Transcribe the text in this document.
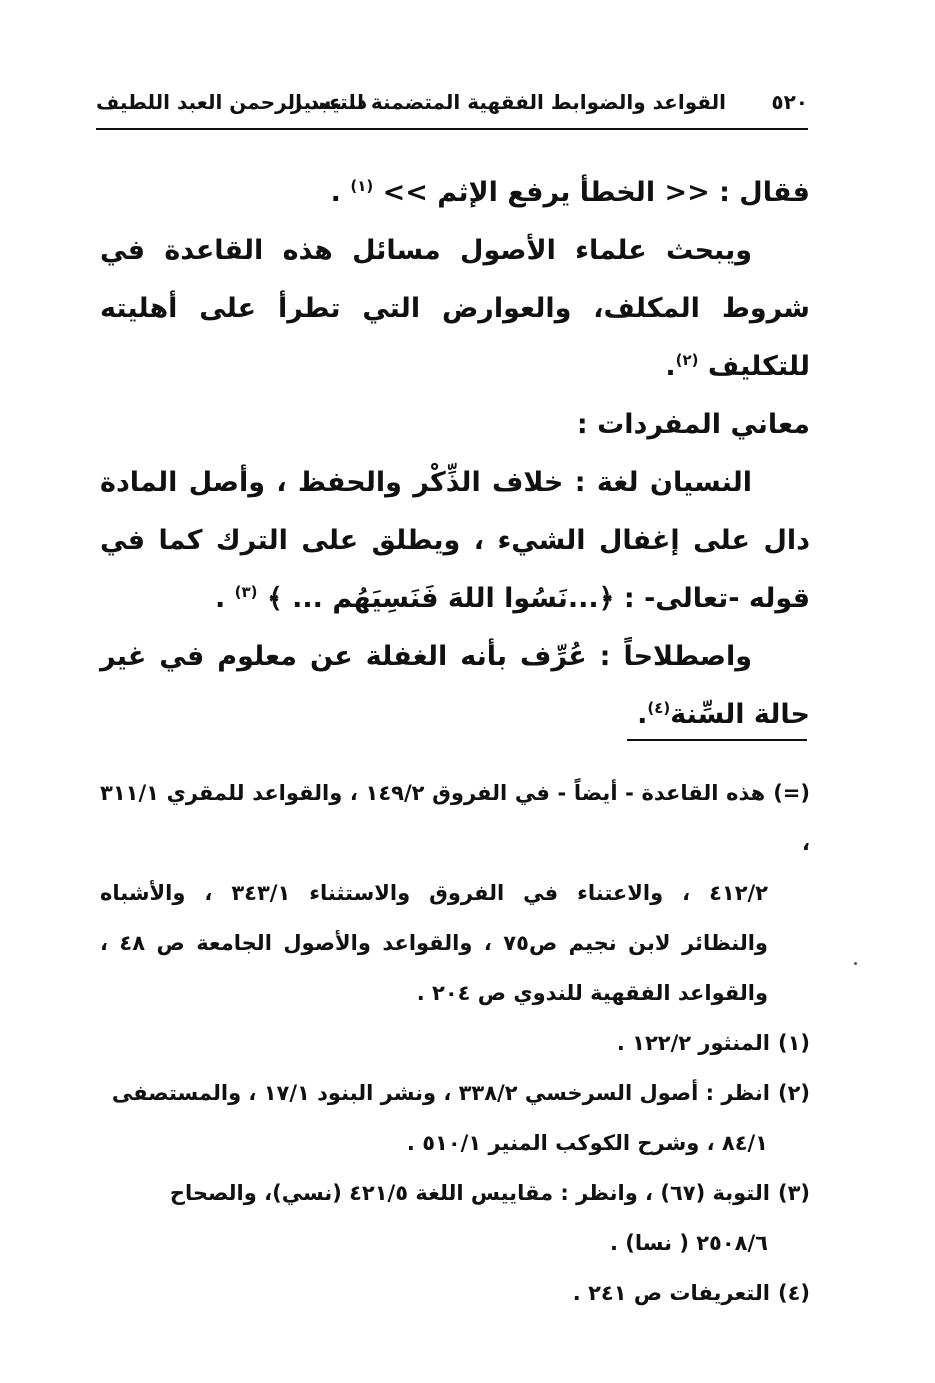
٥٢٠
القواعد والضوابط الفقهية المتضمنة للتيسير
د. عبد الرحمن العبد اللطيف

فقال : << الخطأ يرفع الإثم >> $^{(١)}$ .

ويبحث علماء الأصول مسائل هذه القاعدة في شروط المكلف، والعوارض التي تطرأ على أهليته للتكليف $^{(٢)}$.

معاني المفردات :

النسيان لغة : خلاف الذِّكْر والحفظ ، وأصل المادة دال على إغفال الشيء ، ويطلق على الترك كما في قوله -تعالى- : ﴿...نَسُوا اللهَ فَنَسِيَهُم ... ﴾ $^{(٣)}$ .

واصطلاحاً : عُرِّف بأنه الغفلة عن معلوم في غير حالة السِّنة$^{(٤)}$.

(=)هذه القاعدة - أيضاً - في الفروق ١٤٩/٢ ، والقواعد للمقري ٣١١/١ ،
٤١٢/٢ ، والاعتناء في الفروق والاستثناء ٣٤٣/١ ، والأشباه والنظائر لابن نجيم ص٧٥ ، والقواعد والأصول الجامعة ص ٤٨ ، والقواعد الفقهية للندوي ص ٢٠٤ .
(١)المنثور ١٢٢/٢ .
(٢)انظر : أصول السرخسي ٣٣٨/٢ ، ونشر البنود ١٧/١ ، والمستصفى
٨٤/١ ، وشرح الكوكب المنير ٥١٠/١ .
(٣)التوبة (٦٧) ، وانظر : مقاييس اللغة ٤٢١/٥ (نسي)، والصحاح
٢٥٠٨/٦ ( نسا) .
(٤)التعريفات ص ٢٤١ .
